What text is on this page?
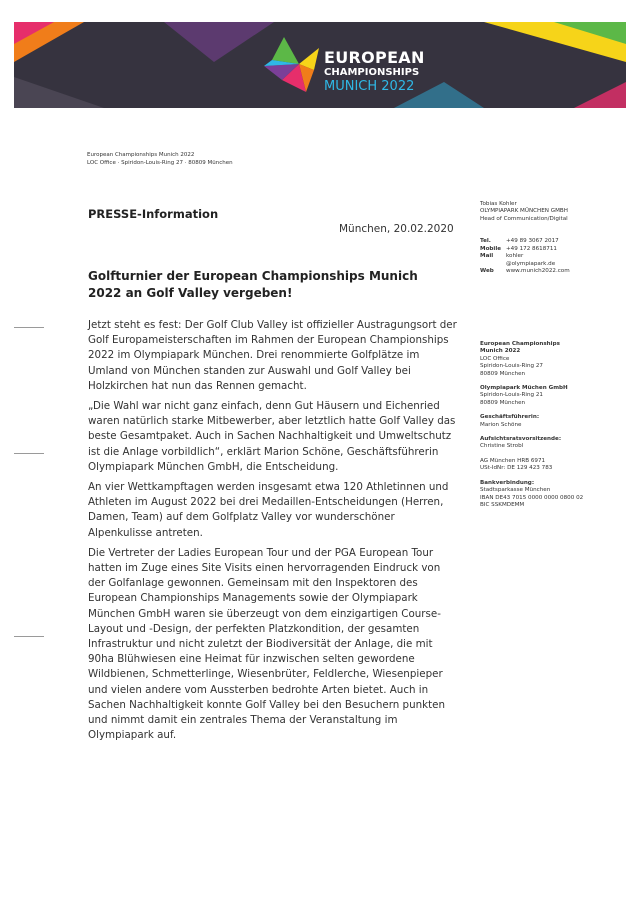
EUROPEAN
CHAMPIONSHIPS
MUNICH 2022
European Championships Munich 2022
LOC Office · Spiridon-Louis-Ring 27 · 80809 München
PRESSE-Information
München, 20.02.2020
Tobias Kohler
OLYMPIAPARK MÜNCHEN GMBH
Head of Communication/Digital
Tel.	+49 89 3067 2017
Mobile +49 172 8618711
Mail	kohler
@olympiapark.de
Web	www.munich2022.com
Golfturnier der European Championships Munich 2022 an Golf Valley vergeben!

Jetzt steht es fest: Der Golf Club Valley ist offizieller Austragungsort der Golf Europameisterschaften im Rahmen der European Championships 2022 im Olympiapark München. Drei renommierte Golfplätze im Umland von München standen zur Auswahl und Golf Valley bei Holzkirchen hat nun das Rennen gemacht.

„Die Wahl war nicht ganz einfach, denn Gut Häusern und Eichenried waren natürlich starke Mitbewerber, aber letztlich hatte Golf Valley das beste Gesamtpaket. Auch in Sachen Nachhaltigkeit und Umweltschutz ist die Anlage vorbildlich“, erklärt Marion Schöne, Geschäftsführerin Olympiapark München GmbH, die Entscheidung.

An vier Wettkampftagen werden insgesamt etwa 120 Athletinnen und Athleten im August 2022 bei drei Medaillen-Entscheidungen (Herren, Damen, Team) auf dem Golfplatz Valley vor wunderschöner Alpenkulisse antreten.

Die Vertreter der Ladies European Tour und der PGA European Tour hatten im Zuge eines Site Visits einen hervorragenden Eindruck von der Golfanlage gewonnen. Gemeinsam mit den Inspektoren des European Championships Managements sowie der Olympiapark München GmbH waren sie überzeugt von dem einzigartigen Course-Layout und -Design, der perfekten Platzkondition, der gesamten Infrastruktur und nicht zuletzt der Biodiversität der Anlage, die mit 90ha Blühwiesen eine Heimat für inzwischen selten gewordene Wildbienen, Schmetterlinge, Wiesenbrüter, Feldlerche, Wiesenpieper und vielen andere vom Aussterben bedrohte Arten bietet. Auch in Sachen Nachhaltigkeit konnte Golf Valley bei den Besuchern punkten und nimmt damit ein zentrales Thema der Veranstaltung im Olympiapark auf.

European Championships
Munich 2022
LOC Office
Spiridon-Louis-Ring 27
80809 München
Olympiapark Müchen GmbH
Spiridon-Louis-Ring 21
80809 München
Geschäftsführerin:
Marion Schöne
Aufsichtsratsvorsitzende:
Christine Strobl
AG München HRB 6971
USt-IdNr: DE 129 423 783
Bankverbindung:
Stadtsparkasse München
IBAN DE43 7015 0000 0000 0800 02
BIC SSKMDEMM
